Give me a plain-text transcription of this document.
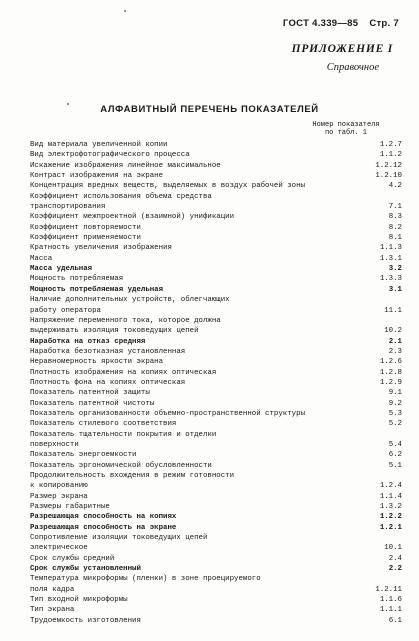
ГОСТ 4.339—85 Стр. 7
ПРИЛОЖЕНИЕ I
Справочное
АЛФАВИТНЫЙ ПЕРЕЧЕНЬ ПОКАЗАТЕЛЕЙ
Номер показателя
по табл. 1
Вид материала увеличенной копии	1.2.7
Вид электрофотографического процесса	1.1.2
Искажение изображения линейное максимальное	1.2.12
Контраст изображения на экране	1.2.10
Концентрация вредных веществ, выделяемых в воздух рабочей зоны	4.2
Коэффициент использования объема средства
транспортирования	7.1
Коэффициент межпроектной (взаимной) унификации	8.3
Коэффициент повторяемости	8.2
Коэффициент применяемости	8.1
Кратность увеличения изображения	1.1.3
Масса	1.3.1
Масса удельная	3.2
Мощность потребляемая	1.3.3
Мощность потребляемая удельная	3.1
Наличие дополнительных устройств, облегчающих
работу оператора	11.1
Напряжение переменного тока, которое должна
выдерживать изоляция токоведущих цепей	10.2
Наработка на отказ средняя	2.1
Наработка безотказная установленная	2.3
Неравномерность яркости экрана	1.2.6
Плотность изображения на копиях оптическая	1.2.8
Плотность фона на копиях оптическая	1.2.9
Показатель патентной защиты	9.1
Показатель патентной чистоты	9.2
Показатель организованности объемно-пространственной структуры	5.3
Показатель стилевого соответствия	5.2
Показатель тщательности покрытия и отделки
поверхности	5.4
Показатель энергоемкости	6.2
Показатель эргономической обусловленности	5.1
Продолжительность вхождения в режим готовности
к копированию	1.2.4
Размер экрана	1.1.4
Размеры габаритные	1.3.2
Разрешающая способность на копиях	1.2.2
Разрешающая способность на экране	1.2.1
Сопротивление изоляции токоведущих цепей
электрическое	10.1
Срок службы средний	2.4
Срок службы установленный	2.2
Температура микроформы (пленки) в зоне проецируемого
поля кадра	1.2.11
Тип входной микроформы	1.1.6
Тип экрана	1.1.1
Трудоемкость изготовления	6.1
